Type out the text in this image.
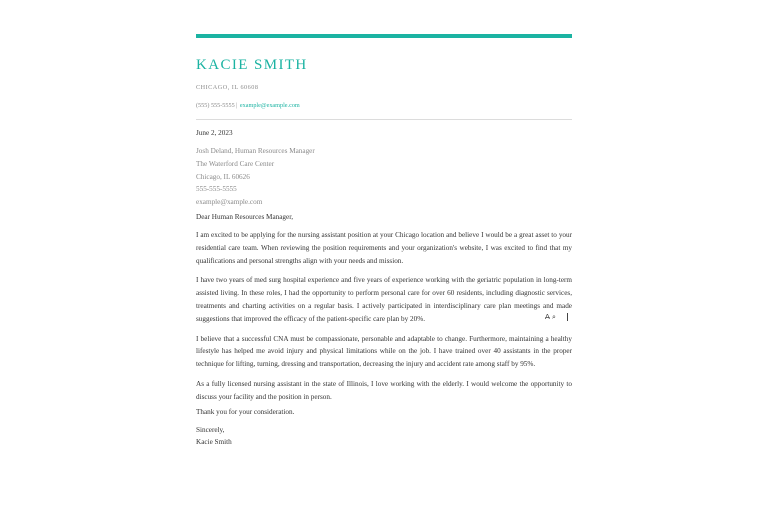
KACIE SMITH
CHICAGO, IL 60608
(555) 555-5555| example@example.com
June 2, 2023
Josh Deland, Human Resources Manager
The Waterford Care Center
Chicago, IL 60626
555-555-5555
example@xample.com
Dear Human Resources Manager,
I am excited to be applying for the nursing assistant position at your Chicago location and believe I would be a great asset to your residential care team. When reviewing the position requirements and your organization's website, I was excited to find that my qualifications and personal strengths align with your needs and mission.
I have two years of med surg hospital experience and five years of experience working with the geriatric population in long-term assisted living. In these roles, I had the opportunity to perform personal care for over 60 residents, including diagnostic services, treatments and charting activities on a regular basis. I actively participated in interdisciplinary care plan meetings and made suggestions that improved the efficacy of the patient-specific care plan by 20%.
I believe that a successful CNA must be compassionate, personable and adaptable to change. Furthermore, maintaining a healthy lifestyle has helped me avoid injury and physical limitations while on the job. I have trained over 40 assistants in the proper technique for lifting, turning, dressing and transportation, decreasing the injury and accident rate among staff by 95%.
As a fully licensed nursing assistant in the state of Illinois, I love working with the elderly. I would welcome the opportunity to discuss your facility and the position in person.
Thank you for your consideration.
Sincerely,
Kacie Smith
A̶ ⌕
